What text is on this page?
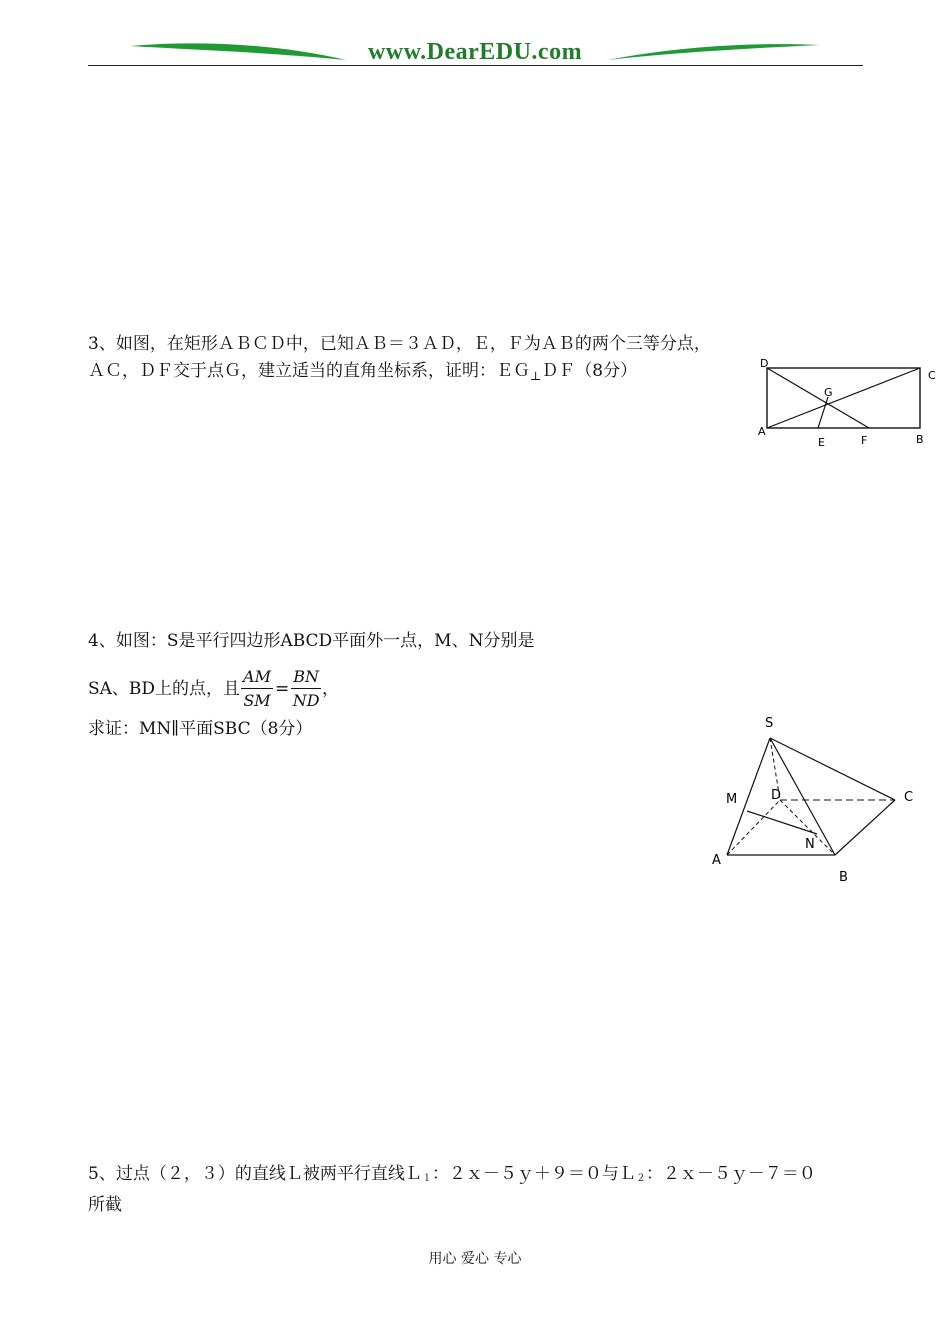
www.DearEDU.com
3、如图，在矩形ＡＢＣＤ中，已知ＡＢ＝３ＡＤ，Ｅ，Ｆ为ＡＢ的两个三等分点，ＡＣ，ＤＦ交于点Ｇ，建立适当的直角坐标系，证明：ＥＧ$_\perp$ＤＦ（8分）	D
C
A
B
E	F
G
4、如图：S是平行四边形ABCD平面外一点，M、N分别是
SA、BD上的点，且 $\frac{AM}{SM} = \frac{BN}{ND}$ ，
求证：MN∥平面SBC（8分）	S
M	D	C
N
A
B
5、过点（２，３）的直线Ｌ被两平行直线Ｌ$_1$：２ｘ－５ｙ＋９＝０与Ｌ$_2$：２ｘ－５ｙ－７＝０
所截
用心 爱心 专心
